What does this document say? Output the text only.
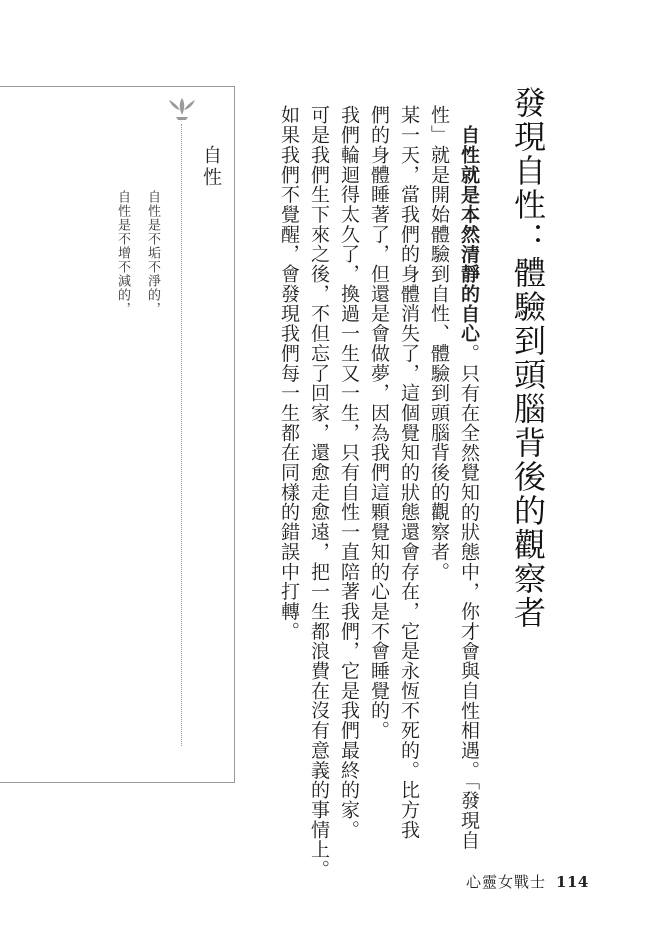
自性
自性是不垢不淨的，
自性是不增不減的，	發現自性：體驗到頭腦背後的觀察者
自性就是本然清靜的自心。只有在全然覺知的狀態中，你才會與自性相遇。「發現自
性」就是開始體驗到自性、體驗到頭腦背後的觀察者。
某一天，當我們的身體消失了，這個覺知的狀態還會存在，它是永恆不死的。比方我
們的身體睡著了，但還是會做夢，因為我們這顆覺知的心是不會睡覺的。
我們輪迴得太久了，換過一生又一生，只有自性一直陪著我們，它是我們最終的家。
可是我們生下來之後，不但忘了回家，還愈走愈遠，把一生都浪費在沒有意義的事情上。
如果我們不覺醒，會發現我們每一生都在同樣的錯誤中打轉。
心靈女戰士 114
